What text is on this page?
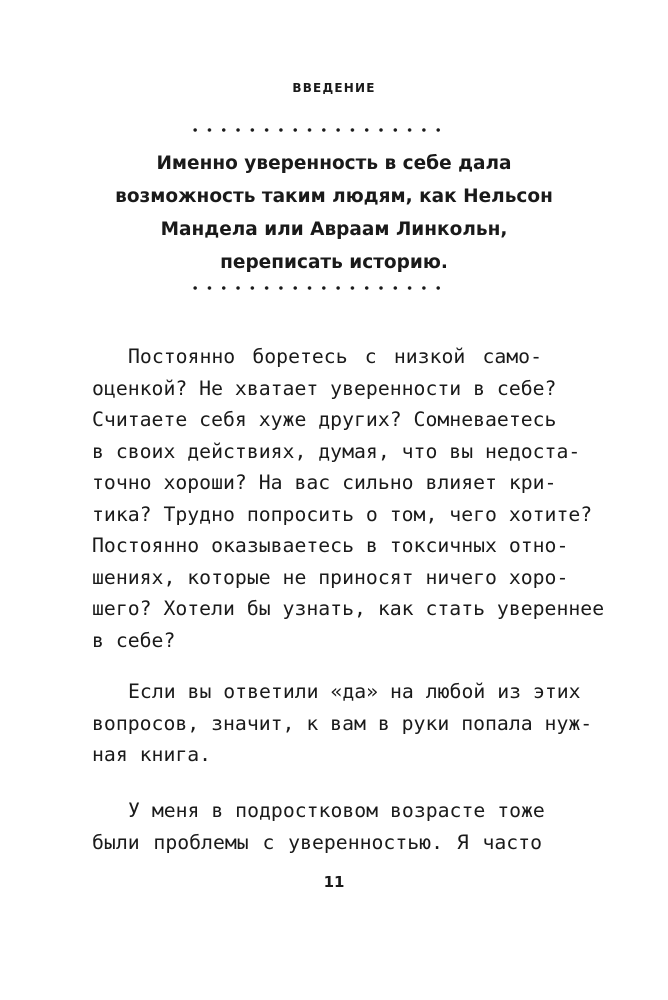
ВВЕДЕНИЕ
Именно уверенность в себе дала
возможность таким людям, как Нельсон
Мандела или Авраам Линкольн,
переписать историю.
Постоянно боретесь с низкой само-
оценкой? Не хватает уверенности в себе?
Считаете себя хуже других? Сомневаетесь
в своих действиях, думая, что вы недоста-
точно хороши? На вас сильно влияет кри-
тика? Трудно попросить о том, чего хотите?
Постоянно оказываетесь в токсичных отно-
шениях, которые не приносят ничего хоро-
шего? Хотели бы узнать, как стать увереннее
в себе?
Если вы ответили «да» на любой из этих
вопросов, значит, к вам в руки попала нуж-
ная книга.
У меня в подростковом возрасте тоже
были проблемы с уверенностью. Я часто
11
